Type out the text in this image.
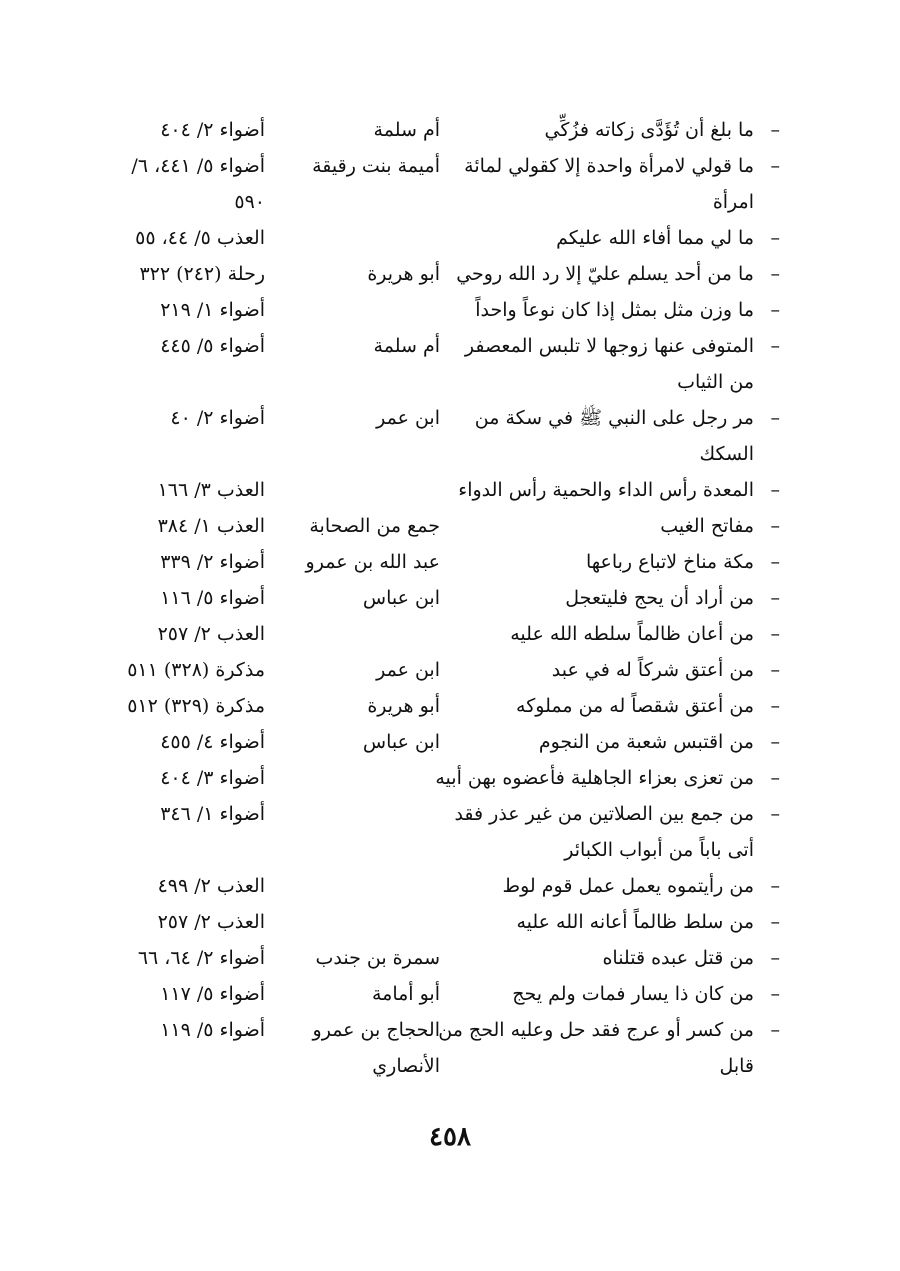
–
ما بلغ أن تُؤَدَّى زكاته فزُكِّي
أم سلمة
أضواء ٢/ ٤٠٤
–
ما قولي لامرأة واحدة إلا كقولي لمائة
أميمة بنت رقيقة
أضواء ٥/ ٤٤١، ٦/
امرأة
٥٩٠
–
ما لي مما أفاء الله عليكم
العذب ٥/ ٤٤، ٥٥
–
ما من أحد يسلم عليّ إلا رد الله روحي
أبو هريرة
رحلة (٢٤٢) ٣٢٢
–
ما وزن مثل بمثل إذا كان نوعاً واحداً
أضواء ١/ ٢١٩
–
المتوفى عنها زوجها لا تلبس المعصفر
أم سلمة
أضواء ٥/ ٤٤٥
من الثياب
–
مر رجل على النبي ﷺ في سكة من
ابن عمر
أضواء ٢/ ٤٠
السكك
–
المعدة رأس الداء والحمية رأس الدواء
العذب ٣/ ١٦٦
–
مفاتح الغيب
جمع من الصحابة
العذب ١/ ٣٨٤
–
مكة مناخ لاتباع رباعها
عبد الله بن عمرو
أضواء ٢/ ٣٣٩
–
من أراد أن يحج فليتعجل
ابن عباس
أضواء ٥/ ١١٦
–
من أعان ظالماً سلطه الله عليه
العذب ٢/ ٢٥٧
–
من أعتق شركاً له في عبد
ابن عمر
مذكرة (٣٢٨) ٥١١
–
من أعتق شقصاً له من مملوكه
أبو هريرة
مذكرة (٣٢٩) ٥١٢
–
من اقتبس شعبة من النجوم
ابن عباس
أضواء ٤/ ٤٥٥
–
من تعزى بعزاء الجاهلية فأعضوه بهن أبيه
أضواء ٣/ ٤٠٤
–
من جمع بين الصلاتين من غير عذر فقد
أضواء ١/ ٣٤٦
أتى باباً من أبواب الكبائر
–
من رأيتموه يعمل عمل قوم لوط
العذب ٢/ ٤٩٩
–
من سلط ظالماً أعانه الله عليه
العذب ٢/ ٢٥٧
–
من قتل عبده قتلناه
سمرة بن جندب
أضواء ٢/ ٦٤، ٦٦
–
من كان ذا يسار فمات ولم يحج
أبو أمامة
أضواء ٥/ ١١٧
–
من كسر أو عرج فقد حل وعليه الحج من
الحجاج بن عمرو
أضواء ٥/ ١١٩
قابل
الأنصاري
٤٥٨
